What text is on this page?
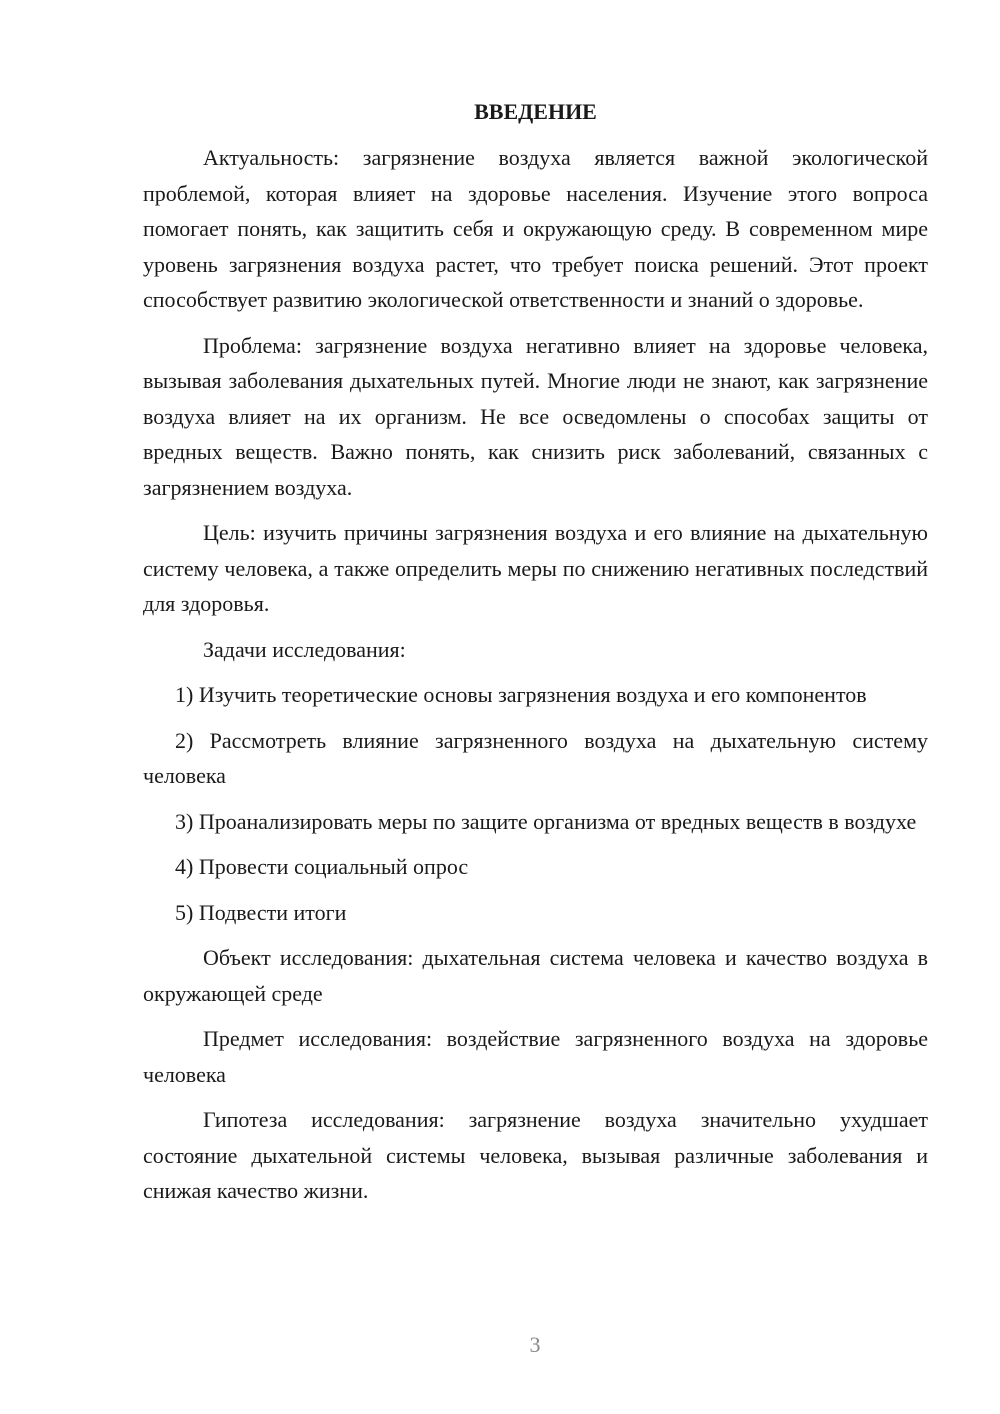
ВВЕДЕНИЕ

Актуальность: загрязнение воздуха является важной экологической проблемой, которая влияет на здоровье населения. Изучение этого вопроса помогает понять, как защитить себя и окружающую среду. В современном мире уровень загрязнения воздуха растет, что требует поиска решений. Этот проект способствует развитию экологической ответственности и знаний о здоровье.

Проблема: загрязнение воздуха негативно влияет на здоровье человека, вызывая заболевания дыхательных путей. Многие люди не знают, как загрязнение воздуха влияет на их организм. Не все осведомлены о способах защиты от вредных веществ. Важно понять, как снизить риск заболеваний, связанных с загрязнением воздуха.

Цель: изучить причины загрязнения воздуха и его влияние на дыхательную систему человека, а также определить меры по снижению негативных последствий для здоровья.

Задачи исследования:

1) Изучить теоретические основы загрязнения воздуха и его компонентов

2) Рассмотреть влияние загрязненного воздуха на дыхательную систему человека

3) Проанализировать меры по защите организма от вредных веществ в воздухе

4) Провести социальный опрос

5) Подвести итоги

Объект исследования: дыхательная система человека и качество воздуха в окружающей среде

Предмет исследования: воздействие загрязненного воздуха на здоровье человека

Гипотеза исследования: загрязнение воздуха значительно ухудшает состояние дыхательной системы человека, вызывая различные заболевания и снижая качество жизни.

3
